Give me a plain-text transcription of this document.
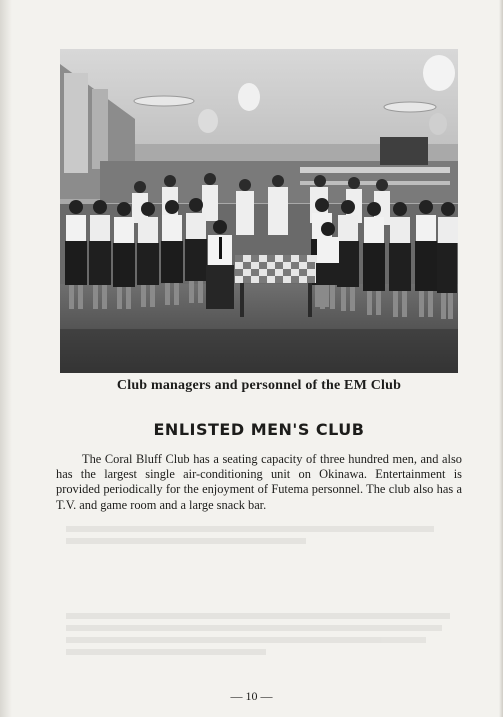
Club managers and personnel of the EM Club
ENLISTED MEN'S CLUB
The Coral Bluff Club has a seating capacity of three hundred men, and also has the largest single air-conditioning unit on Okinawa. Entertainment is provided periodically for the enjoyment of Futema personnel. The club also has a T.V. and game room and a large snack bar.

— 10 —
